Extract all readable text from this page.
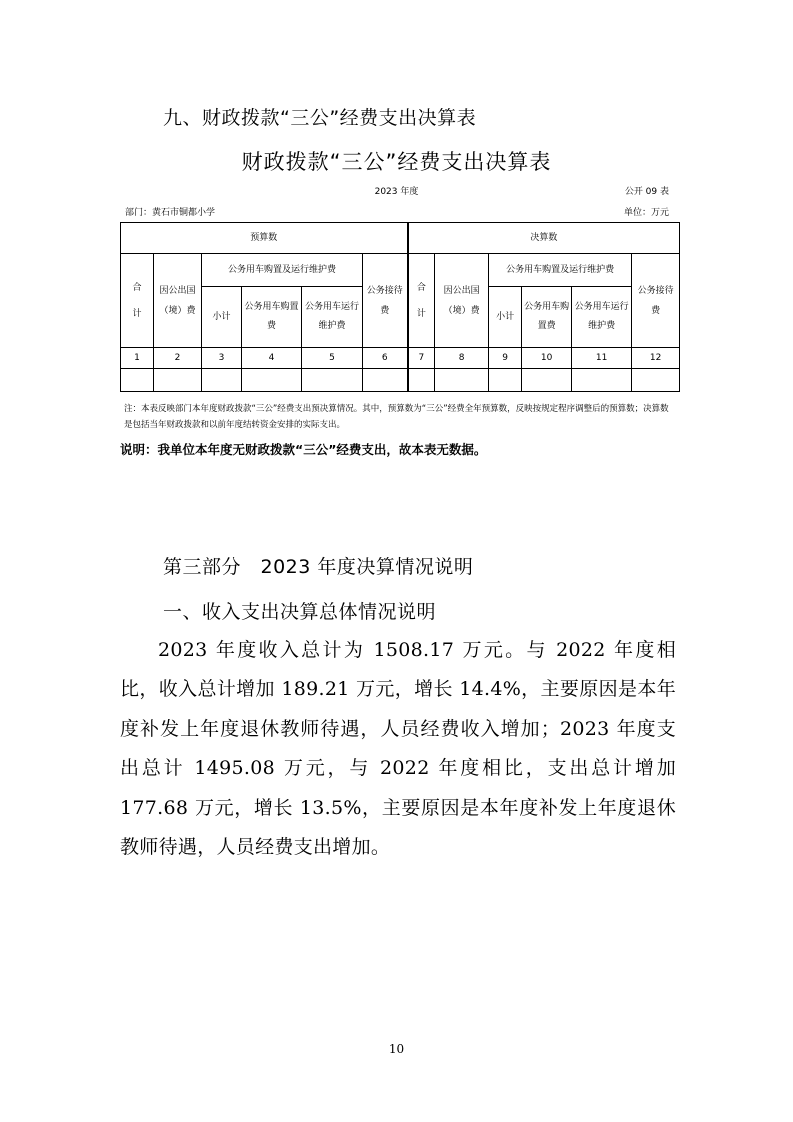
九、财政拨款“三公”经费支出决算表
财政拨款“三公”经费支出决算表
2023 年度	公开 09 表
部门：黄石市铜都小学	单位：万元
预算数						决算数					
合计	因公出国（境）费	公务用车购置及运行维护费			公务接待费	合计	因公出国（境）费	公务用车购置及运行维护费			公务接待费
		小计	公务用车购置费	公务用车运行维护费				小计	公务用车购置费	公务用车运行维护费	
1	2	3	4	5	6	7	8	9	10	11	12

注：本表反映部门本年度财政拨款“三公”经费支出预决算情况。其中，预算数为“三公”经费全年预算数，反映按规定程序调整后的预算数；决算数是包括当年财政拨款和以前年度结转资金安排的实际支出。
说明：我单位本年度无财政拨款“三公”经费支出，故本表无数据。
第三部分　2023 年度决算情况说明
一、收入支出决算总体情况说明
2023 年度收入总计为 1508.17 万元。与 2022 年度相比，收入总计增加 189.21 万元，增长 14.4%，主要原因是本年度补发上年度退休教师待遇，人员经费收入增加；2023 年度支出总计 1495.08 万元，与 2022 年度相比，支出总计增加 177.68 万元，增长 13.5%，主要原因是本年度补发上年度退休教师待遇，人员经费支出增加。
10
